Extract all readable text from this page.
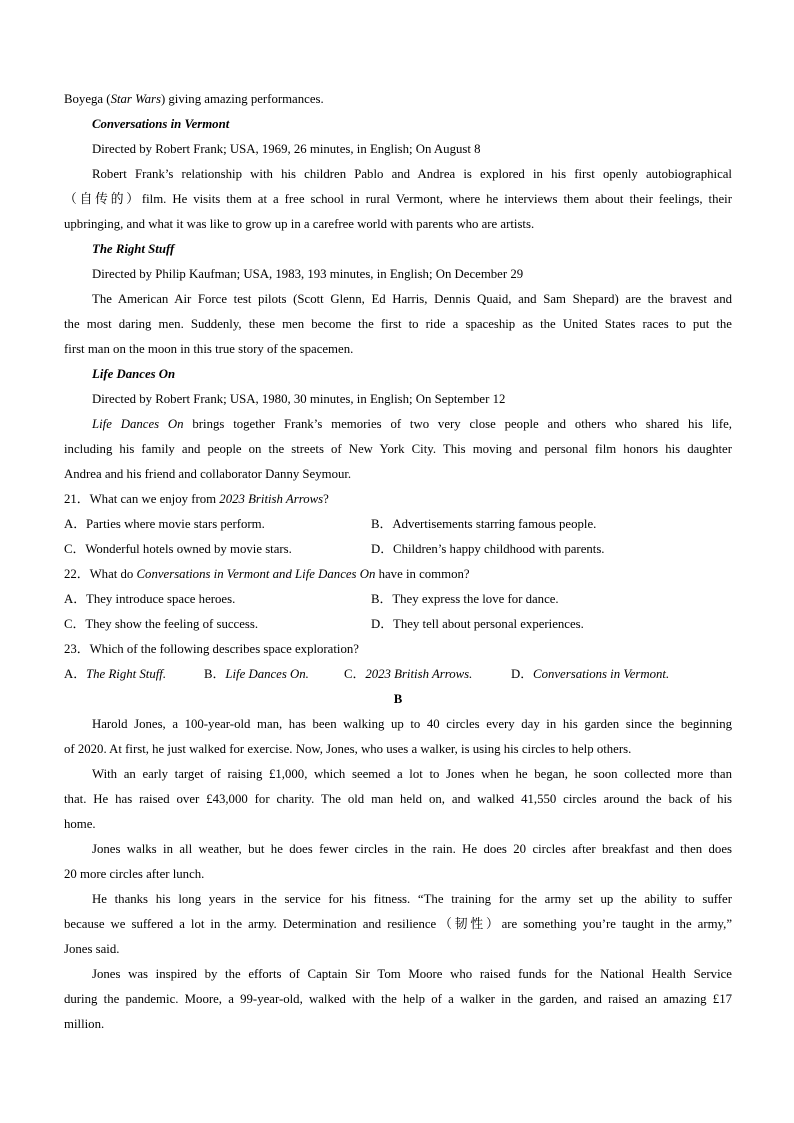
Boyega (Star Wars) giving amazing performances.
Conversations in Vermont
Directed by Robert Frank; USA, 1969, 26 minutes, in English; On August 8
Robert Frank’s relationship with his children Pablo and Andrea is explored in his first openly autobiographical
（自传的）film. He visits them at a free school in rural Vermont, where he interviews them about their feelings, their
upbringing, and what it was like to grow up in a carefree world with parents who are artists.
The Right Stuff
Directed by Philip Kaufman; USA, 1983, 193 minutes, in English; On December 29
The American Air Force test pilots (Scott Glenn, Ed Harris, Dennis Quaid, and Sam Shepard) are the bravest and
the most daring men. Suddenly, these men become the first to ride a spaceship as the United States races to put the
first man on the moon in this true story of the spacemen.
Life Dances On
Directed by Robert Frank; USA, 1980, 30 minutes, in English; On September 12
Life Dances On brings together Frank’s memories of two very close people and others who shared his life,
including his family and people on the streets of New York City. This moving and personal film honors his daughter
Andrea and his friend and collaborator Danny Seymour.
21．What can we enjoy from 2023 British Arrows?
A．Parties where movie stars perform.	B．Advertisements starring famous people.
C．Wonderful hotels owned by movie stars.	D．Children’s happy childhood with parents.
22．What do Conversations in Vermont and Life Dances On have in common?
A．They introduce space heroes.	B．They express the love for dance.
C．They show the feeling of success.	D．They tell about personal experiences.
23．Which of the following describes space exploration?
A．The Right Stuff.	B．Life Dances On.	C．2023 British Arrows.	D．Conversations in Vermont.
B
Harold Jones, a 100-year-old man, has been walking up to 40 circles every day in his garden since the beginning
of 2020. At first, he just walked for exercise. Now, Jones, who uses a walker, is using his circles to help others.
With an early target of raising £1,000, which seemed a lot to Jones when he began, he soon collected more than
that. He has raised over £43,000 for charity. The old man held on, and walked 41,550 circles around the back of his
home.
Jones walks in all weather, but he does fewer circles in the rain. He does 20 circles after breakfast and then does
20 more circles after lunch.
He thanks his long years in the service for his fitness. “The training for the army set up the ability to suffer
because we suffered a lot in the army. Determination and resilience（韧性）are something you’re taught in the army,”
Jones said.
Jones was inspired by the efforts of Captain Sir Tom Moore who raised funds for the National Health Service
during the pandemic. Moore, a 99-year-old, walked with the help of a walker in the garden, and raised an amazing £17
million.
